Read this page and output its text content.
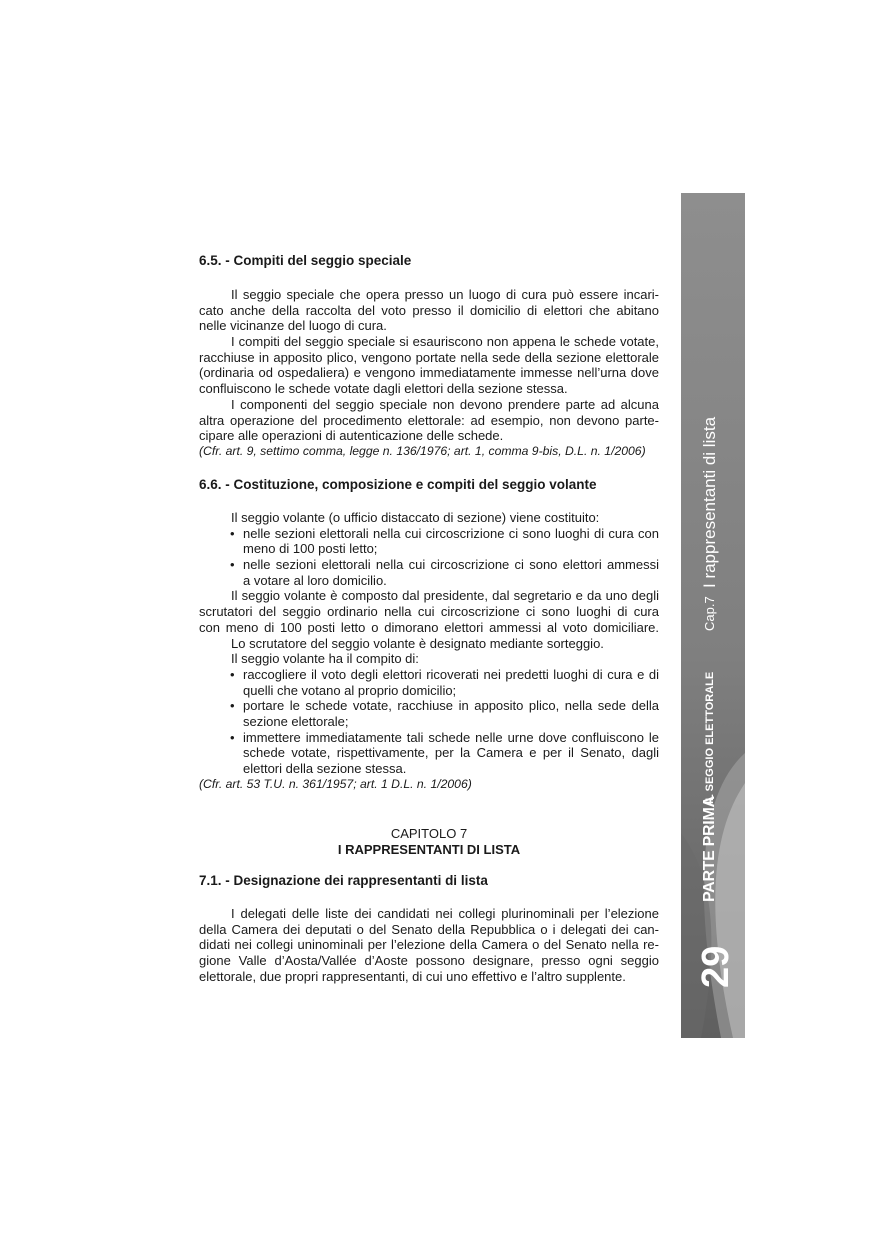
6.5. - Compiti del seggio speciale
Il seggio speciale che opera presso un luogo di cura può essere incari-
cato anche della raccolta del voto presso il domicilio di elettori che abitano
nelle vicinanze del luogo di cura.
I compiti del seggio speciale si esauriscono non appena le schede votate,
racchiuse in apposito plico, vengono portate nella sede della sezione elettorale
(ordinaria od ospedaliera) e vengono immediatamente immesse nell’urna dove
confluiscono le schede votate dagli elettori della sezione stessa.
I componenti del seggio speciale non devono prendere parte ad alcuna
altra operazione del procedimento elettorale: ad esempio, non devono parte-
cipare alle operazioni di autenticazione delle schede.
(Cfr. art. 9, settimo comma, legge n. 136/1976; art. 1, comma 9-bis, D.L. n. 1/2006)
6.6. - Costituzione, composizione e compiti del seggio volante
Il seggio volante (o ufficio distaccato di sezione) viene costituito:
• nelle sezioni elettorali nella cui circoscrizione ci sono luoghi di cura con
meno di 100 posti letto;
• nelle sezioni elettorali nella cui circoscrizione ci sono elettori ammessi
a votare al loro domicilio.
Il seggio volante è composto dal presidente, dal segretario e da uno degli
scrutatori del seggio ordinario nella cui circoscrizione ci sono luoghi di cura
con meno di 100 posti letto o dimorano elettori ammessi al voto domiciliare.
Lo scrutatore del seggio volante è designato mediante sorteggio.
Il seggio volante ha il compito di:
• raccogliere il voto degli elettori ricoverati nei predetti luoghi di cura e di
quelli che votano al proprio domicilio;
• portare le schede votate, racchiuse in apposito plico, nella sede della
sezione elettorale;
• immettere immediatamente tali schede nelle urne dove confluiscono le
schede votate, rispettivamente, per la Camera e per il Senato, dagli
elettori della sezione stessa.
(Cfr. art. 53 T.U. n. 361/1957; art. 1 D.L. n. 1/2006)
CAPITOLO 7
I RAPPRESENTANTI DI LISTA
7.1. - Designazione dei rappresentanti di lista
I delegati delle liste dei candidati nei collegi plurinominali per l’elezione
della Camera dei deputati o del Senato della Repubblica o i delegati dei can-
didati nei collegi uninominali per l’elezione della Camera o del Senato nella re-
gione Valle d’Aosta/Vallée d’Aoste possono designare, presso ogni seggio
elettorale, due propri rappresentanti, di cui uno effettivo e l’altro supplente.
I rappresentanti di lista
Cap.7
IL SEGGIO ELETTORALE
PARTE PRIMA
29
